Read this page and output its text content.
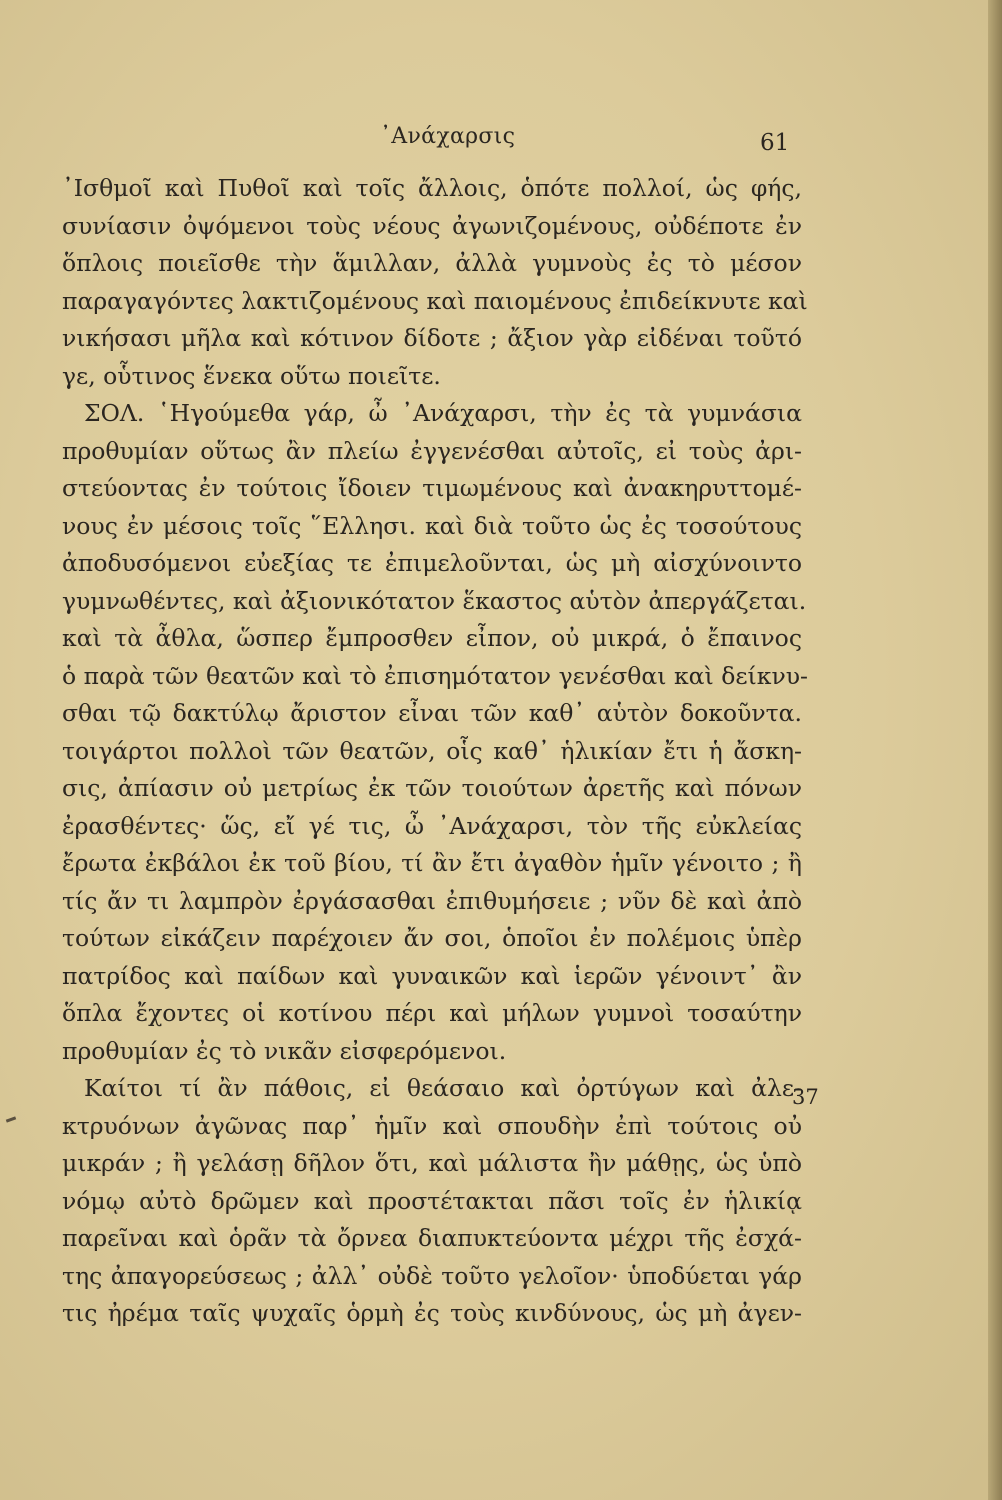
᾿Ανάχαρσις	61
᾿Ισθμοῖ καὶ Πυθοῖ καὶ τοῖς ἄλλοις, ὁπότε πολλοί, ὡς φής,
συνίασιν ὀψόμενοι τοὺς νέους ἀγωνιζομένους, οὐδέποτε ἐν
ὅπλοις ποιεῖσθε τὴν ἅμιλλαν, ἀλλὰ γυμνοὺς ἐς τὸ μέσον
παραγαγόντες λακτιζομένους καὶ παιομένους ἐπιδείκνυτε καὶ
νικήσασι μῆλα καὶ κότινον δίδοτε ; ἄξιον γὰρ εἰδέναι τοῦτό
γε, οὗτινος ἕνεκα οὕτω ποιεῖτε.
ΣΟΛ. ῾Ηγούμεθα γάρ, ὦ ᾿Ανάχαρσι, τὴν ἐς τὰ γυμνάσια
προθυμίαν οὕτως ἂν πλείω ἐγγενέσθαι αὐτοῖς, εἰ τοὺς ἀρι-
στεύοντας ἐν τούτοις ἴδοιεν τιμωμένους καὶ ἀνακηρυττομέ-
νους ἐν μέσοις τοῖς ῞Ελλησι. καὶ διὰ τοῦτο ὡς ἐς τοσούτους
ἀποδυσόμενοι εὐεξίας τε ἐπιμελοῦνται, ὡς μὴ αἰσχύνοιντο
γυμνωθέντες, καὶ ἀξιονικότατον ἕκαστος αὑτὸν ἀπεργάζεται.
καὶ τὰ ἆθλα, ὥσπερ ἔμπροσθεν εἶπον, οὐ μικρά, ὁ ἔπαινος
ὁ παρὰ τῶν θεατῶν καὶ τὸ ἐπισημότατον γενέσθαι καὶ δείκνυ-
σθαι τῷ δακτύλῳ ἄριστον εἶναι τῶν καθ᾿ αὑτὸν δοκοῦντα.
τοιγάρτοι πολλοὶ τῶν θεατῶν, οἷς καθ᾿ ἡλικίαν ἔτι ἡ ἄσκη-
σις, ἀπίασιν οὐ μετρίως ἐκ τῶν τοιούτων ἀρετῆς καὶ πόνων
ἐρασθέντες· ὥς, εἴ γέ τις, ὦ ᾿Ανάχαρσι, τὸν τῆς εὐκλείας
ἔρωτα ἐκβάλοι ἐκ τοῦ βίου, τί ἂν ἔτι ἀγαθὸν ἡμῖν γένοιτο ; ἢ
τίς ἄν τι λαμπρὸν ἐργάσασθαι ἐπιθυμήσειε ; νῦν δὲ καὶ ἀπὸ
τούτων εἰκάζειν παρέχοιεν ἄν σοι, ὁποῖοι ἐν πολέμοις ὑπὲρ
πατρίδος καὶ παίδων καὶ γυναικῶν καὶ ἱερῶν γένοιντ᾿ ἂν
ὅπλα ἔχοντες οἱ κοτίνου πέρι καὶ μήλων γυμνοὶ τοσαύτην
προθυμίαν ἐς τὸ νικᾶν εἰσφερόμενοι.
Καίτοι τί ἂν πάθοις, εἰ θεάσαιο καὶ ὀρτύγων καὶ ἀλε-
κτρυόνων ἀγῶνας παρ᾿ ἡμῖν καὶ σπουδὴν ἐπὶ τούτοις οὐ
μικράν ; ἢ γελάσῃ δῆλον ὅτι, καὶ μάλιστα ἢν μάθῃς, ὡς ὑπὸ
νόμῳ αὐτὸ δρῶμεν καὶ προστέτακται πᾶσι τοῖς ἐν ἡλικίᾳ
παρεῖναι καὶ ὁρᾶν τὰ ὄρνεα διαπυκτεύοντα μέχρι τῆς ἐσχά-
της ἀπαγορεύσεως ; ἀλλ᾿ οὐδὲ τοῦτο γελοῖον· ὑποδύεται γάρ
τις ἠρέμα ταῖς ψυχαῖς ὁρμὴ ἐς τοὺς κινδύνους, ὡς μὴ ἀγεν-
37
